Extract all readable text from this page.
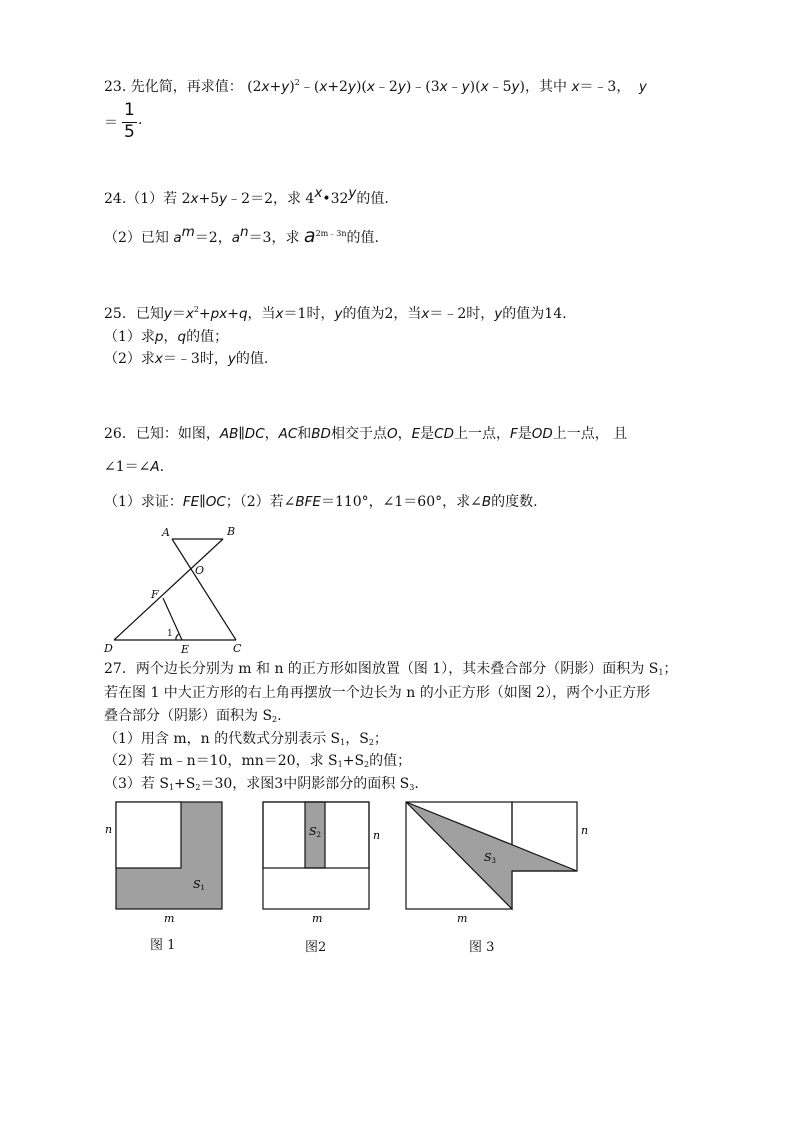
23. 先化简，再求值： $(2x+y)^2﹣(x+2y)(x﹣2y)﹣(3x﹣y)(x﹣5y)$，其中 x＝﹣3， y
＝
1
5
.
24.（1）若 2x+5y﹣2＝2，求 4$^x$•32$^y$的值.
（2）已知 $a^m=2$，$a^n=3$，求 $a^{2m﹣3n}$的值.
25．已知$y=x^2+px+q$，当x＝1时，y的值为2，当x＝﹣2时，y的值为14.
（1）求p，q的值；
（2）求x＝﹣3时，y的值.
26．已知：如图，AB∥DC，AC和BD相交于点O，E是CD上一点，F是OD上一点， 且
∠1＝∠A.
（1）求证：FE∥OC；（2）若∠BFE＝110°，∠1＝60°，求∠B的度数.
A	B
O
F
D	E	C
1
27．两个边长分别为 m 和 n 的正方形如图放置（图 1），其未叠合部分（阴影）面积为 $S_1$；
若在图 1 中大正方形的右上角再摆放一个边长为 n 的小正方形（如图 2），两个小正方形
叠合部分（阴影）面积为 $S_2$.
（1）用含 m，n 的代数式分别表示 $S_1$，$S_2$；
（2）若 m﹣n＝10，mn＝20，求 $S_1+S_2$的值；
（3）若 $S_1+S_2=30$，求图3中阴影部分的面积 $S_3$.
n
m
S1
n
m
S2	n
m
S3
图 1	图2	图 3
